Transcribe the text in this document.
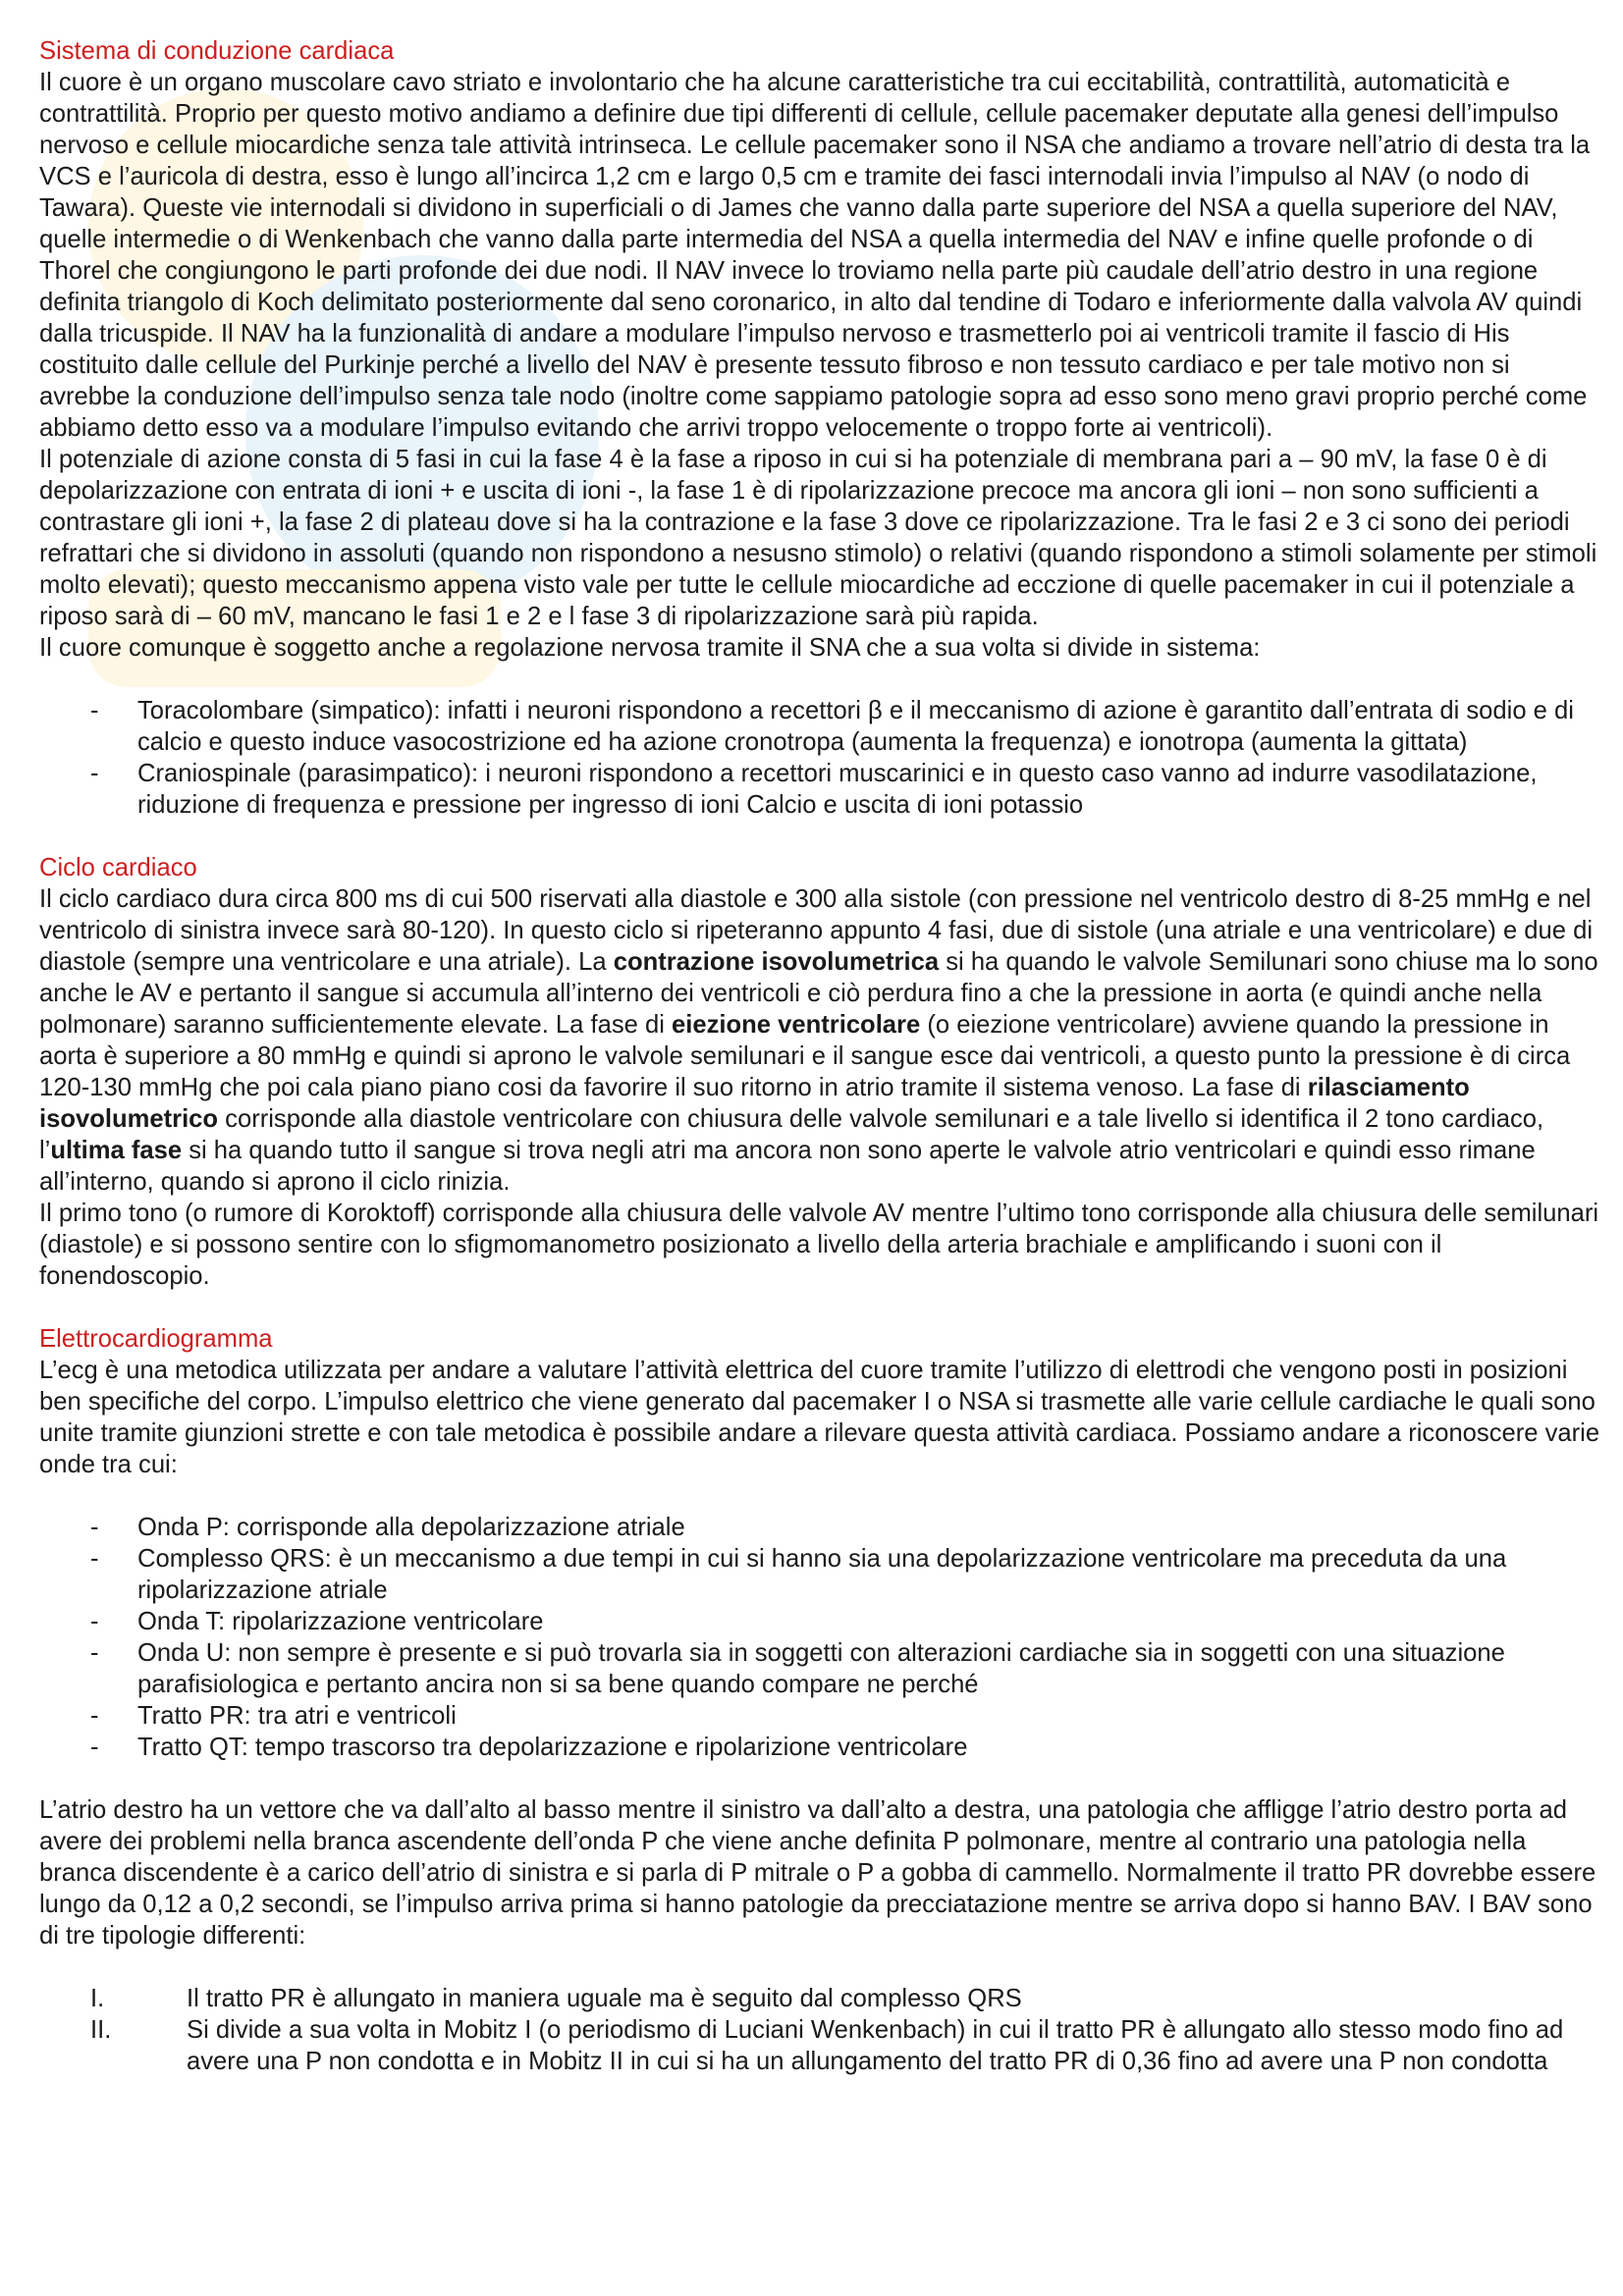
Sistema di conduzione cardiaca

Il cuore è un organo muscolare cavo striato e involontario che ha alcune caratteristiche tra cui eccitabilità, contrattilità, automaticità e contrattilità. Proprio per questo motivo andiamo a definire due tipi differenti di cellule, cellule pacemaker deputate alla genesi dell’impulso nervoso e cellule miocardiche senza tale attività intrinseca. Le cellule pacemaker sono il NSA che andiamo a trovare nell’atrio di desta tra la VCS e l’auricola di destra, esso è lungo all’incirca 1,2 cm e largo 0,5 cm e tramite dei fasci internodali invia l’impulso al NAV (o nodo di Tawara). Queste vie internodali si dividono in superficiali o di James che vanno dalla parte superiore del NSA a quella superiore del NAV, quelle intermedie o di Wenkenbach che vanno dalla parte intermedia del NSA a quella intermedia del NAV e infine quelle profonde o di Thorel che congiungono le parti profonde dei due nodi. Il NAV invece lo troviamo nella parte più caudale dell’atrio destro in una regione definita triangolo di Koch delimitato posteriormente dal seno coronarico, in alto dal tendine di Todaro e inferiormente dalla valvola AV quindi dalla tricuspide. Il NAV ha la funzionalità di andare a modulare l’impulso nervoso e trasmetterlo poi ai ventricoli tramite il fascio di His costituito dalle cellule del Purkinje perché a livello del NAV è presente tessuto fibroso e non tessuto cardiaco e per tale motivo non si avrebbe la conduzione dell’impulso senza tale nodo (inoltre come sappiamo patologie sopra ad esso sono meno gravi proprio perché come abbiamo detto esso va a modulare l’impulso evitando che arrivi troppo velocemente o troppo forte ai ventricoli).

Il potenziale di azione consta di 5 fasi in cui la fase 4 è la fase a riposo in cui si ha potenziale di membrana pari a – 90 mV, la fase 0 è di depolarizzazione con entrata di ioni + e uscita di ioni -, la fase 1 è di ripolarizzazione precoce ma ancora gli ioni – non sono sufficienti a contrastare gli ioni +, la fase 2 di plateau dove si ha la contrazione e la fase 3 dove ce ripolarizzazione. Tra le fasi 2 e 3 ci sono dei periodi refrattari che si dividono in assoluti (quando non rispondono a nesusno stimolo) o relativi (quando rispondono a stimoli solamente per stimoli molto elevati); questo meccanismo appena visto vale per tutte le cellule miocardiche ad ecczione di quelle pacemaker in cui il potenziale a riposo sarà di – 60 mV, mancano le fasi 1 e 2 e l fase 3 di ripolarizzazione sarà più rapida.

Il cuore comunque è soggetto anche a regolazione nervosa tramite il SNA che a sua volta si divide in sistema:

- Toracolombare (simpatico): infatti i neuroni rispondono a recettori β e il meccanismo di azione è garantito dall’entrata di sodio e di calcio e questo induce vasocostrizione ed ha azione cronotropa (aumenta la frequenza) e ionotropa (aumenta la gittata)
- Craniospinale (parasimpatico): i neuroni rispondono a recettori muscarinici e in questo caso vanno ad indurre vasodilatazione, riduzione di frequenza e pressione per ingresso di ioni Calcio e uscita di ioni potassio
Ciclo cardiaco

Il ciclo cardiaco dura circa 800 ms di cui 500 riservati alla diastole e 300 alla sistole (con pressione nel ventricolo destro di 8-25 mmHg e nel ventricolo di sinistra invece sarà 80-120). In questo ciclo si ripeteranno appunto 4 fasi, due di sistole (una atriale e una ventricolare) e due di diastole (sempre una ventricolare e una atriale). La contrazione isovolumetrica si ha quando le valvole Semilunari sono chiuse ma lo sono anche le AV e pertanto il sangue si accumula all’interno dei ventricoli e ciò perdura fino a che la pressione in aorta (e quindi anche nella polmonare) saranno sufficientemente elevate. La fase di eiezione ventricolare (o eiezione ventricolare) avviene quando la pressione in aorta è superiore a 80 mmHg e quindi si aprono le valvole semilunari e il sangue esce dai ventricoli, a questo punto la pressione è di circa 120-130 mmHg che poi cala piano piano cosi da favorire il suo ritorno in atrio tramite il sistema venoso. La fase di rilasciamento isovolumetrico corrisponde alla diastole ventricolare con chiusura delle valvole semilunari e a tale livello si identifica il 2 tono cardiaco, l’ultima fase si ha quando tutto il sangue si trova negli atri ma ancora non sono aperte le valvole atrio ventricolari e quindi esso rimane all’interno, quando si aprono il ciclo rinizia.

Il primo tono (o rumore di Koroktoff) corrisponde alla chiusura delle valvole AV mentre l’ultimo tono corrisponde alla chiusura delle semilunari (diastole) e si possono sentire con lo sfigmomanometro posizionato a livello della arteria brachiale e amplificando i suoni con il fonendoscopio.

Elettrocardiogramma

L’ecg è una metodica utilizzata per andare a valutare l’attività elettrica del cuore tramite l’utilizzo di elettrodi che vengono posti in posizioni ben specifiche del corpo. L’impulso elettrico che viene generato dal pacemaker I o NSA si trasmette alle varie cellule cardiache le quali sono unite tramite giunzioni strette e con tale metodica è possibile andare a rilevare questa attività cardiaca. Possiamo andare a riconoscere varie onde tra cui:

- Onda P: corrisponde alla depolarizzazione atriale
- Complesso QRS: è un meccanismo a due tempi in cui si hanno sia una depolarizzazione ventricolare ma preceduta da una ripolarizzazione atriale
- Onda T: ripolarizzazione ventricolare
- Onda U: non sempre è presente e si può trovarla sia in soggetti con alterazioni cardiache sia in soggetti con una situazione parafisiologica e pertanto ancira non si sa bene quando compare ne perché
- Tratto PR: tra atri e ventricoli
- Tratto QT: tempo trascorso tra depolarizzazione e ripolarizione ventricolare

L’atrio destro ha un vettore che va dall’alto al basso mentre il sinistro va dall’alto a destra, una patologia che affligge l’atrio destro porta ad avere dei problemi nella branca ascendente dell’onda P che viene anche definita P polmonare, mentre al contrario una patologia nella branca discendente è a carico dell’atrio di sinistra e si parla di P mitrale o P a gobba di cammello. Normalmente il tratto PR dovrebbe essere lungo da 0,12 a 0,2 secondi, se l’impulso arriva prima si hanno patologie da precciatazione mentre se arriva dopo si hanno BAV. I BAV sono di tre tipologie differenti:

I.	Il tratto PR è allungato in maniera uguale ma è seguito dal complesso QRS
II.	Si divide a sua volta in Mobitz I (o periodismo di Luciani Wenkenbach) in cui il tratto PR è allungato allo stesso modo fino ad avere una P non condotta e in Mobitz II in cui si ha un allungamento del tratto PR di 0,36 fino ad avere una P non condotta
